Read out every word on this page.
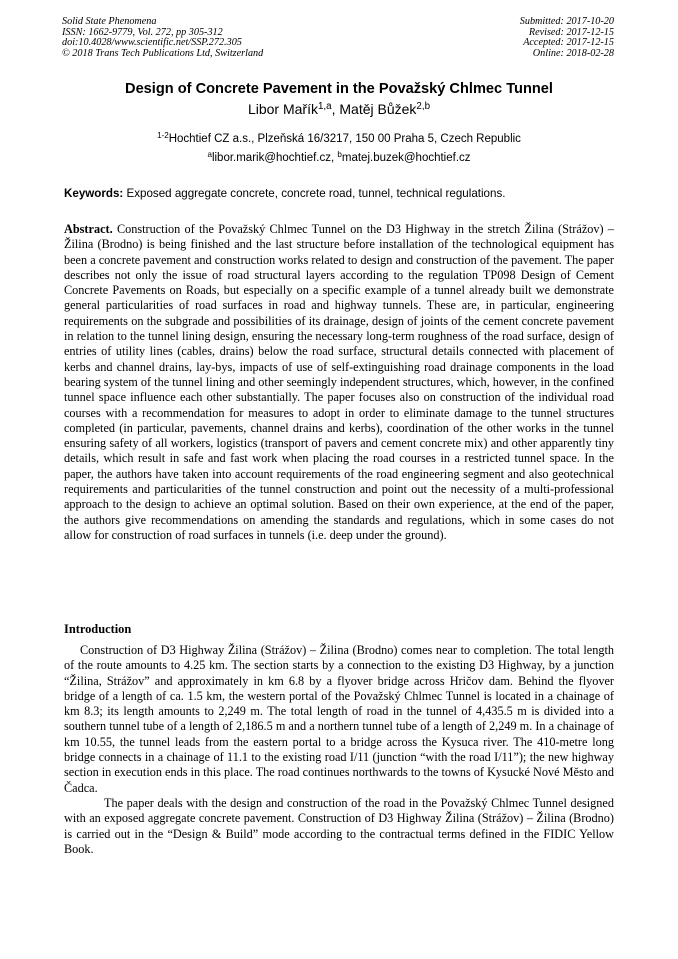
Solid State Phenomena
ISSN: 1662-9779, Vol. 272, pp 305-312
doi:10.4028/www.scientific.net/SSP.272.305
© 2018 Trans Tech Publications Ltd, Switzerland
Submitted: 2017-10-20
Revised: 2017-12-15
Accepted: 2017-12-15
Online: 2018-02-28
Design of Concrete Pavement in the Považský Chlmec Tunnel
Libor Mařík$^{1,a}$, Matěj Bůžek$^{2,b}$
$^{1-2}$Hochtief CZ a.s., Plzeňská 16/3217, 150 00 Praha 5, Czech Republic
$^a$libor.marik@hochtief.cz, $^b$matej.buzek@hochtief.cz
Keywords: Exposed aggregate concrete, concrete road, tunnel, technical regulations.

Abstract. Construction of the Považský Chlmec Tunnel on the D3 Highway in the stretch Žilina (Strážov) – Žilina (Brodno) is being finished and the last structure before installation of the technological equipment has been a concrete pavement and construction works related to design and construction of the pavement. The paper describes not only the issue of road structural layers according to the regulation TP098 Design of Cement Concrete Pavements on Roads, but especially on a specific example of a tunnel already built we demonstrate general particularities of road surfaces in road and highway tunnels. These are, in particular, engineering requirements on the subgrade and possibilities of its drainage, design of joints of the cement concrete pavement in relation to the tunnel lining design, ensuring the necessary long-term roughness of the road surface, design of entries of utility lines (cables, drains) below the road surface, structural details connected with placement of kerbs and channel drains, lay-bys, impacts of use of self-extinguishing road drainage components in the load bearing system of the tunnel lining and other seemingly independent structures, which, however, in the confined tunnel space influence each other substantially. The paper focuses also on construction of the individual road courses with a recommendation for measures to adopt in order to eliminate damage to the tunnel structures completed (in particular, pavements, channel drains and kerbs), coordination of the other works in the tunnel ensuring safety of all workers, logistics (transport of pavers and cement concrete mix) and other apparently tiny details, which result in safe and fast work when placing the road courses in a restricted tunnel space. In the paper, the authors have taken into account requirements of the road engineering segment and also geotechnical requirements and particularities of the tunnel construction and point out the necessity of a multi-professional approach to the design to achieve an optimal solution. Based on their own experience, at the end of the paper, the authors give recommendations on amending the standards and regulations, which in some cases do not allow for construction of road surfaces in tunnels (i.e. deep under the ground).

Introduction

Construction of D3 Highway Žilina (Strážov) – Žilina (Brodno) comes near to completion. The total length of the route amounts to 4.25 km. The section starts by a connection to the existing D3 Highway, by a junction “Žilina, Strážov” and approximately in km 6.8 by a flyover bridge across Hričov dam. Behind the flyover bridge of a length of ca. 1.5 km, the western portal of the Považský Chlmec Tunnel is located in a chainage of km 8.3; its length amounts to 2,249 m. The total length of road in the tunnel of 4,435.5 m is divided into a southern tunnel tube of a length of 2,186.5 m and a northern tunnel tube of a length of 2,249 m. In a chainage of km 10.55, the tunnel leads from the eastern portal to a bridge across the Kysuca river. The 410-metre long bridge connects in a chainage of 11.1 to the existing road I/11 (junction “with the road I/11”); the new highway section in execution ends in this place. The road continues northwards to the towns of Kysucké Nové Město and Čadca.

The paper deals with the design and construction of the road in the Považský Chlmec Tunnel designed with an exposed aggregate concrete pavement. Construction of D3 Highway Žilina (Strážov) – Žilina (Brodno) is carried out in the “Design & Build” mode according to the contractual terms defined in the FIDIC Yellow Book.
